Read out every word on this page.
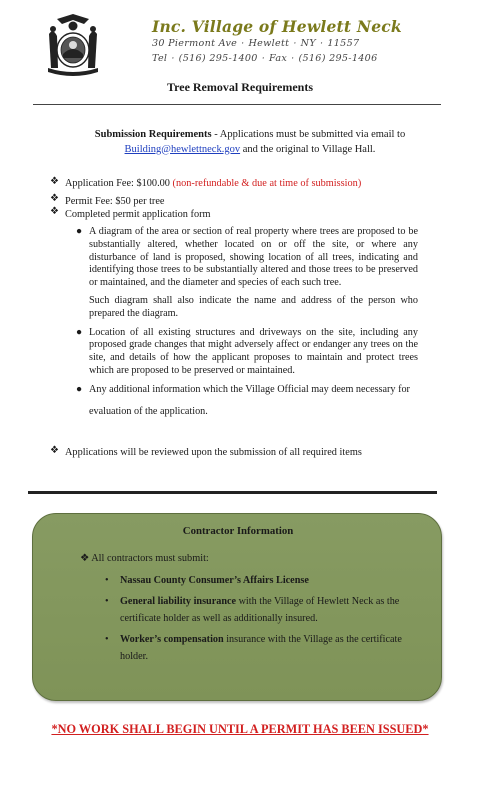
Inc. Village of Hewlett Neck
30 Piermont Ave · Hewlett · NY · 11557
Tel · (516) 295-1400 · Fax · (516) 295-1406
Tree Removal Requirements
Submission Requirements - Applications must be submitted via email to
Building@hewlettneck.gov and the original to Village Hall.
❖ Application Fee: $100.00 (non-refundable & due at time of submission)
❖ Permit Fee: $50 per tree
❖ Completed permit application form
● A diagram of the area or section of real property where trees are proposed to be substantially altered, whether located on or off the site, or where any disturbance of land is proposed, showing location of all trees, indicating and identifying those trees to be substantially altered and those trees to be preserved or maintained, and the diameter and species of each such tree.
Such diagram shall also indicate the name and address of the person who prepared the diagram.
● Location of all existing structures and driveways on the site, including any proposed grade changes that might adversely affect or endanger any trees on the site, and details of how the applicant proposes to maintain and protect trees which are proposed to be preserved or maintained.
● Any additional information which the Village Official may deem necessary for
evaluation of the application.
❖ Applications will be reviewed upon the submission of all required items
Contractor Information
❖ All contractors must submit:
• Nassau County Consumer’s Affairs License
• General liability insurance with the Village of Hewlett Neck as the certificate holder as well as additionally insured.
• Worker’s compensation insurance with the Village as the certificate holder.
*NO WORK SHALL BEGIN UNTIL A PERMIT HAS BEEN ISSUED*
